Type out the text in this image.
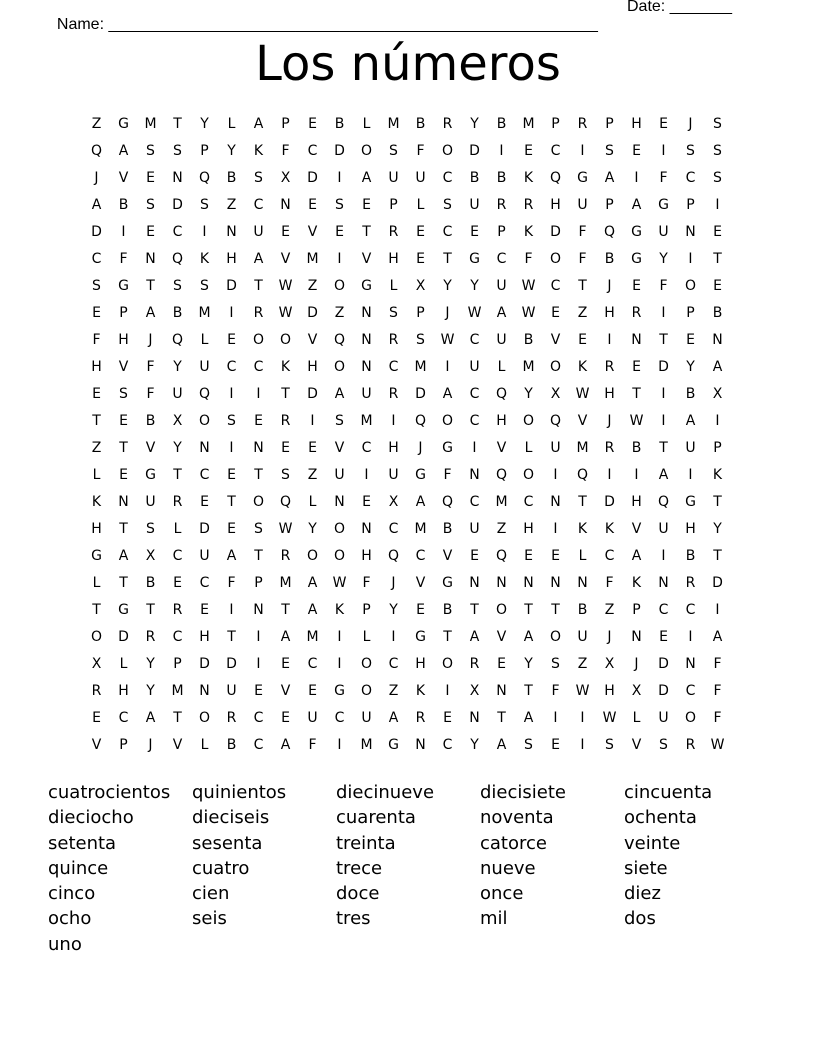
Name: _______________________________________________________

Date: _______

Los números
Z	G	M	T	Y	L	A	P	E	B	L	M	B	R	Y	B	M	P	R	P	H	E	J	S
Q	A	S	S	P	Y	K	F	C	D	O	S	F	O	D	I	E	C	I	S	E	I	S	S
J	V	E	N	Q	B	S	X	D	I	A	U	U	C	B	B	K	Q	G	A	I	F	C	S
A	B	S	D	S	Z	C	N	E	S	E	P	L	S	U	R	R	H	U	P	A	G	P	I
D	I	E	C	I	N	U	E	V	E	T	R	E	C	E	P	K	D	F	Q	G	U	N	E
C	F	N	Q	K	H	A	V	M	I	V	H	E	T	G	C	F	O	F	B	G	Y	I	T
S	G	T	S	S	D	T	W	Z	O	G	L	X	Y	Y	U	W	C	T	J	E	F	O	E
E	P	A	B	M	I	R	W	D	Z	N	S	P	J	W	A	W	E	Z	H	R	I	P	B
F	H	J	Q	L	E	O	O	V	Q	N	R	S	W	C	U	B	V	E	I	N	T	E	N
H	V	F	Y	U	C	C	K	H	O	N	C	M	I	U	L	M	O	K	R	E	D	Y	A
E	S	F	U	Q	I	I	T	D	A	U	R	D	A	C	Q	Y	X	W	H	T	I	B	X
T	E	B	X	O	S	E	R	I	S	M	I	Q	O	C	H	O	Q	V	J	W	I	A	I
Z	T	V	Y	N	I	N	E	E	V	C	H	J	G	I	V	L	U	M	R	B	T	U	P
L	E	G	T	C	E	T	S	Z	U	I	U	G	F	N	Q	O	I	Q	I	I	A	I	K
K	N	U	R	E	T	O	Q	L	N	E	X	A	Q	C	M	C	N	T	D	H	Q	G	T
H	T	S	L	D	E	S	W	Y	O	N	C	M	B	U	Z	H	I	K	K	V	U	H	Y
G	A	X	C	U	A	T	R	O	O	H	Q	C	V	E	Q	E	E	L	C	A	I	B	T
L	T	B	E	C	F	P	M	A	W	F	J	V	G	N	N	N	N	N	F	K	N	R	D
T	G	T	R	E	I	N	T	A	K	P	Y	E	B	T	O	T	T	B	Z	P	C	C	I
O	D	R	C	H	T	I	A	M	I	L	I	G	T	A	V	A	O	U	J	N	E	I	A
X	L	Y	P	D	D	I	E	C	I	O	C	H	O	R	E	Y	S	Z	X	J	D	N	F
R	H	Y	M	N	U	E	V	E	G	O	Z	K	I	X	N	T	F	W	H	X	D	C	F
E	C	A	T	O	R	C	E	U	C	U	A	R	E	N	T	A	I	I	W	L	U	O	F
V	P	J	V	L	B	C	A	F	I	M	G	N	C	Y	A	S	E	I	S	V	S	R	W
cuatrocientos	quinientos	diecinueve	diecisiete	cincuenta
dieciocho	dieciseis	cuarenta	noventa	ochenta
setenta	sesenta	treinta	catorce	veinte
quince	cuatro	trece	nueve	siete
cinco	cien	doce	once	diez
ocho	seis	tres	mil	dos
uno
